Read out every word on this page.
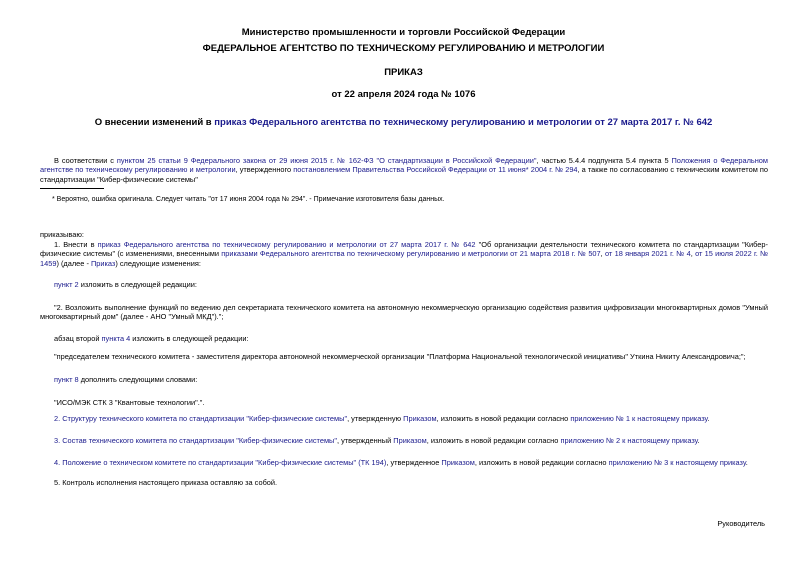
Министерство промышленности и торговли Российской Федерации
ФЕДЕРАЛЬНОЕ АГЕНТСТВО ПО ТЕХНИЧЕСКОМУ РЕГУЛИРОВАНИЮ И МЕТРОЛОГИИ
ПРИКАЗ
от 22 апреля 2024 года № 1076
О внесении изменений в приказ Федерального агентства по техническому регулированию и метрологии от 27 марта 2017 г. № 642
В соответствии с пунктом 25 статьи 9 Федерального закона от 29 июня 2015 г. № 162-ФЗ "О стандартизации в Российской Федерации", частью 5.4.4 подпункта 5.4 пункта 5 Положения о Федеральном агентстве по техническому регулированию и метрологии, утвержденного постановлением Правительства Российской Федерации от 11 июня* 2004 г. № 294, а также по согласованию с техническим комитетом по стандартизации "Кибер-физические системы"
* Вероятно, ошибка оригинала. Следует читать "от 17 июня 2004 года № 294". - Примечание изготовителя базы данных.
приказываю:
1. Внести в приказ Федерального агентства по техническому регулированию и метрологии от 27 марта 2017 г. № 642 "Об организации деятельности технического комитета по стандартизации "Кибер-физические системы" (с изменениями, внесенными приказами Федерального агентства по техническому регулированию и метрологии от 21 марта 2018 г. № 507, от 18 января 2021 г. № 4, от 15 июля 2022 г. № 1459) (далее - Приказ) следующие изменения:
пункт 2 изложить в следующей редакции:
"2. Возложить выполнение функций по ведению дел секретариата технического комитета на автономную некоммерческую организацию содействия развития цифровизации многоквартирных домов "Умный многоквартирный дом" (далее - АНО "Умный МКД").";
абзац второй пункта 4 изложить в следующей редакции:
"председателем технического комитета - заместителя директора автономной некоммерческой организации "Платформа Национальной технологической инициативы" Уткина Никиту Александровича;";
пункт 8 дополнить следующими словами:
"ИСО/МЭК СТК 3 "Квантовые технологии".".
2. Структуру технического комитета по стандартизации "Кибер-физические системы", утвержденную Приказом, изложить в новой редакции согласно приложению № 1 к настоящему приказу.
3. Состав технического комитета по стандартизации "Кибер-физические системы", утвержденный Приказом, изложить в новой редакции согласно приложению № 2 к настоящему приказу.
4. Положение о техническом комитете по стандартизации "Кибер-физические системы" (ТК 194), утвержденное Приказом, изложить в новой редакции согласно приложению № 3 к настоящему приказу.
5. Контроль исполнения настоящего приказа оставляю за собой.
Руководитель
